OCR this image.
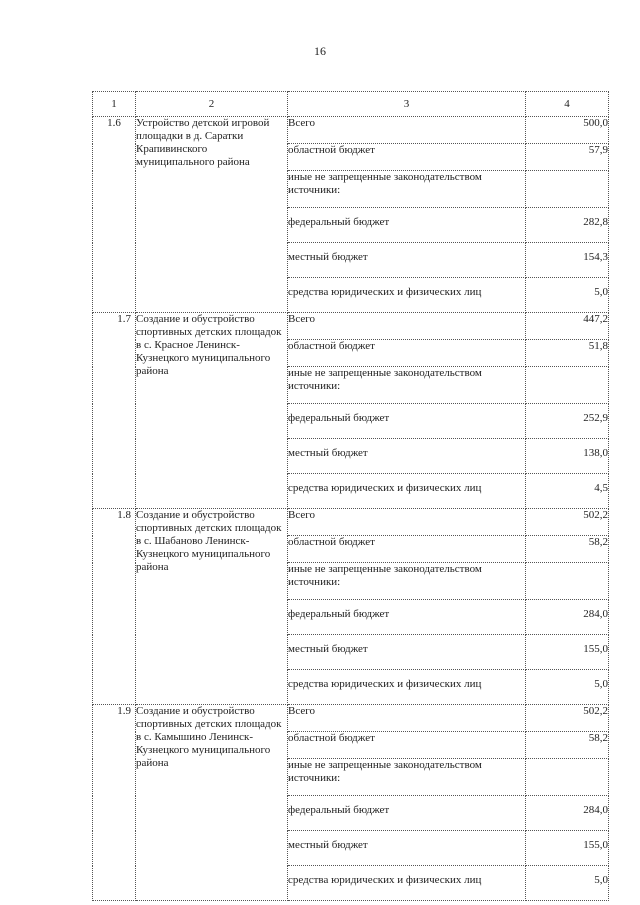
16
1	2	3	4
1.6	Устройство детской игровой площадки в д. Саратки Крапивинского муниципального района	Всего	500,0
		областной бюджет	57,9
		иные не запрещенные законодательством источники:	
		федеральный бюджет	282,8
		местный бюджет	154,3
		средства юридических и физических лиц	5,0
1.7	Создание и обустройство спортивных детских площадок в с. Красное Ленинск-Кузнецкого муниципального района	Всего	447,2
		областной бюджет	51,8
		иные не запрещенные законодательством источники:	
		федеральный бюджет	252,9
		местный бюджет	138,0
		средства юридических и физических лиц	4,5
1.8	Создание и обустройство спортивных детских площадок в с. Шабаново Ленинск-Кузнецкого муниципального района	Всего	502,2
		областной бюджет	58,2
		иные не запрещенные законодательством источники:	
		федеральный бюджет	284,0
		местный бюджет	155,0
		средства юридических и физических лиц	5,0
1.9	Создание и обустройство спортивных детских площадок в с. Камышино Ленинск-Кузнецкого муниципального района	Всего	502,2
		областной бюджет	58,2
		иные не запрещенные законодательством источники:	
		федеральный бюджет	284,0
		местный бюджет	155,0
		средства юридических и физических лиц	5,0
